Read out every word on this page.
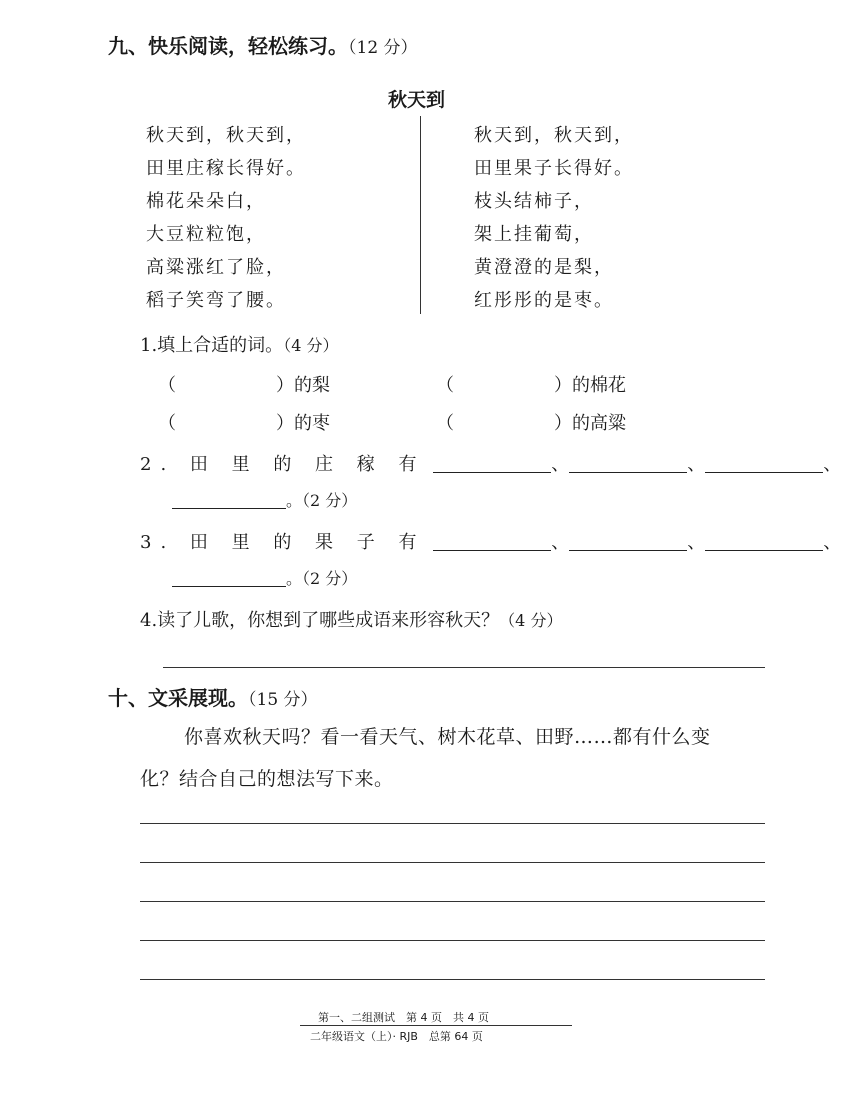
九、快乐阅读，轻松练习。（12 分）
秋天到
秋天到，秋天到，
田里庄稼长得好。
棉花朵朵白，
大豆粒粒饱，
高粱涨红了脸，
稻子笑弯了腰。
秋天到，秋天到，
田里果子长得好。
枝头结柿子，
架上挂葡萄，
黄澄澄的是梨，
红彤彤的是枣。
1.填上合适的词。（4 分）
（	）的梨	（	）的棉花
（	）的枣	（	）的高粱
2. 田 里 的 庄 稼 有	、	、	、
。（2 分）
3. 田 里 的 果 子 有	、	、	、
。（2 分）
4.读了儿歌，你想到了哪些成语来形容秋天？（4 分）
十、文采展现。（15 分）
你喜欢秋天吗？看一看天气、树木花草、田野……都有什么变
化？结合自己的想法写下来。
第一、二组测试　第 4 页　共 4 页
二年级语文（上）· RJB　总第 64 页
